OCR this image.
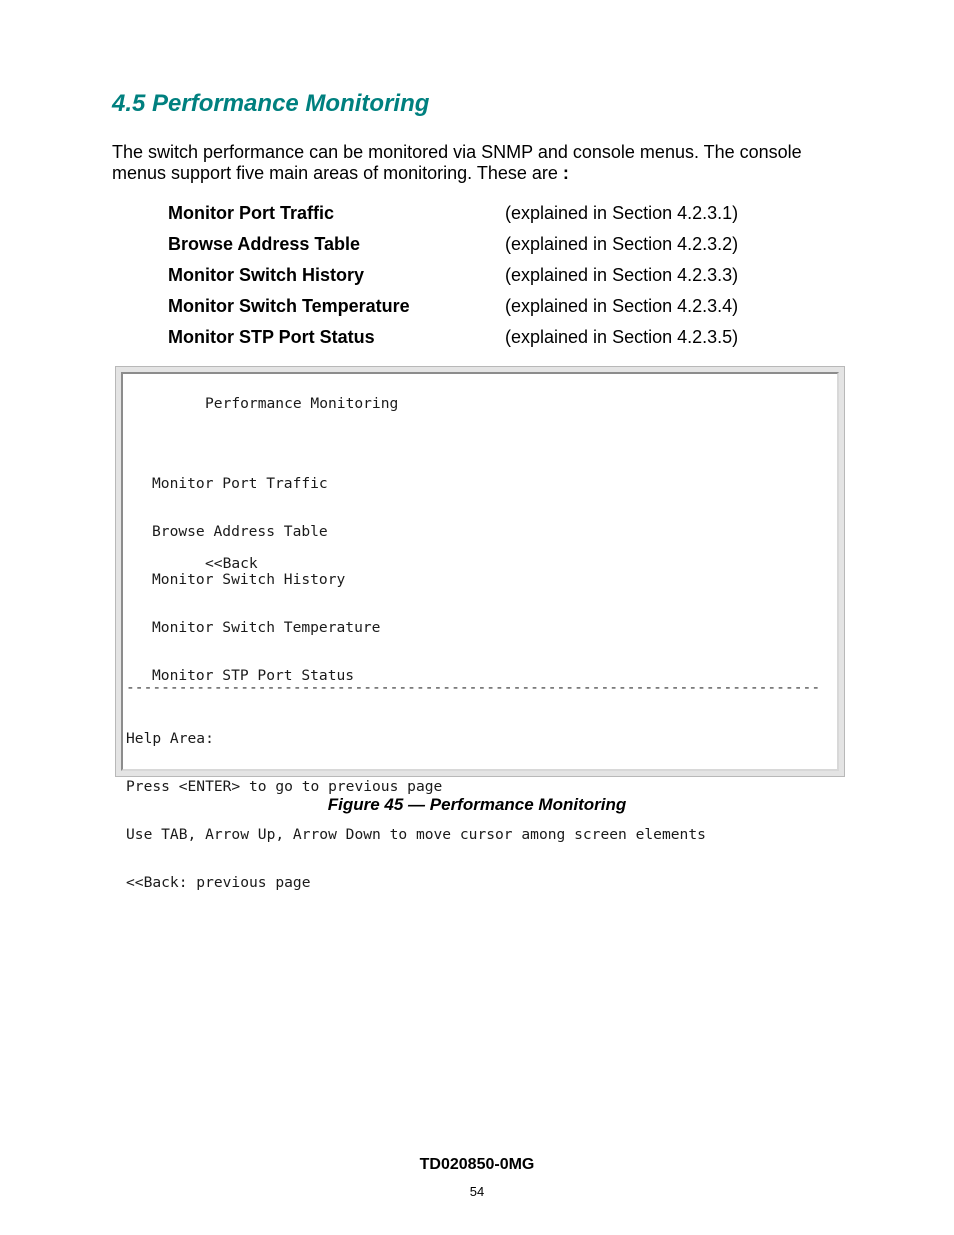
4.5 Performance Monitoring

The switch performance can be monitored via SNMP and console menus. The console menus support five main areas of monitoring. These are :

Monitor Port Traffic	(explained in Section 4.2.3.1)
Browse Address Table	(explained in Section 4.2.3.2)
Monitor Switch History	(explained in Section 4.2.3.3)
Monitor Switch Temperature	(explained in Section 4.2.3.4)
Monitor STP Port Status	(explained in Section 4.2.3.5)
Performance Monitoring

Monitor Port Traffic

Browse Address Table

Monitor Switch History

Monitor Switch Temperature

Monitor STP Port Status

<<Back
-------------------------------------------------------------------------------

Help Area:

Press <ENTER> to go to previous page

Use TAB, Arrow Up, Arrow Down to move cursor among screen elements

<<Back: previous page

Figure 45 — Performance Monitoring

TD020850-0MG
54
